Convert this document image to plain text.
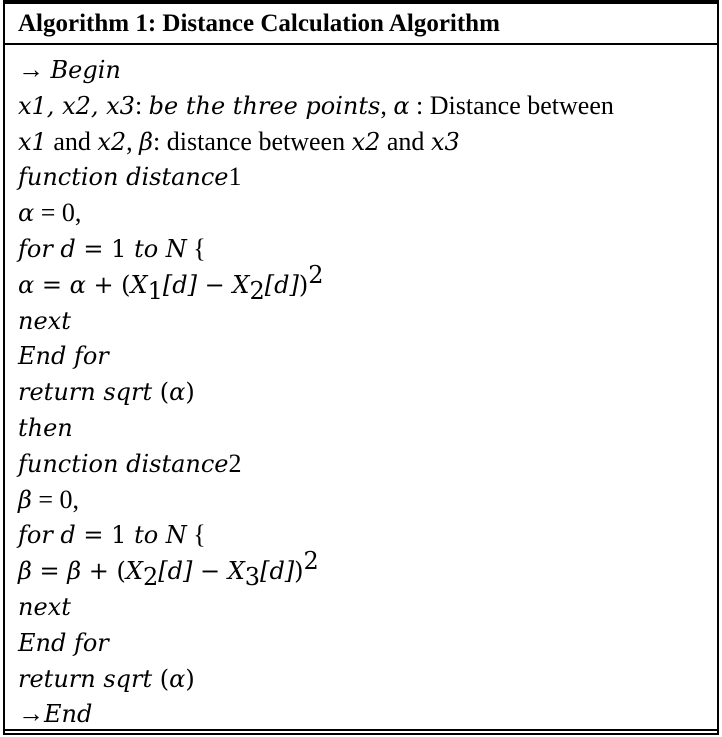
Algorithm 1: Distance Calculation Algorithm
→ Begin
x1, x2, x3: be the three points, α : Distance between
x1 and x2, β: distance between x2 and x3
function distance1
α = 0,
for d = 1 to N {
$\alpha = \alpha + (X_1[d] - X_2[d])^2$
next
End for
return sqrt (α)
then
function distance2
β = 0,
for d = 1 to N {
$\beta = \beta + (X_2[d] - X_3[d])^2$
next
End for
return sqrt (α)
→End
